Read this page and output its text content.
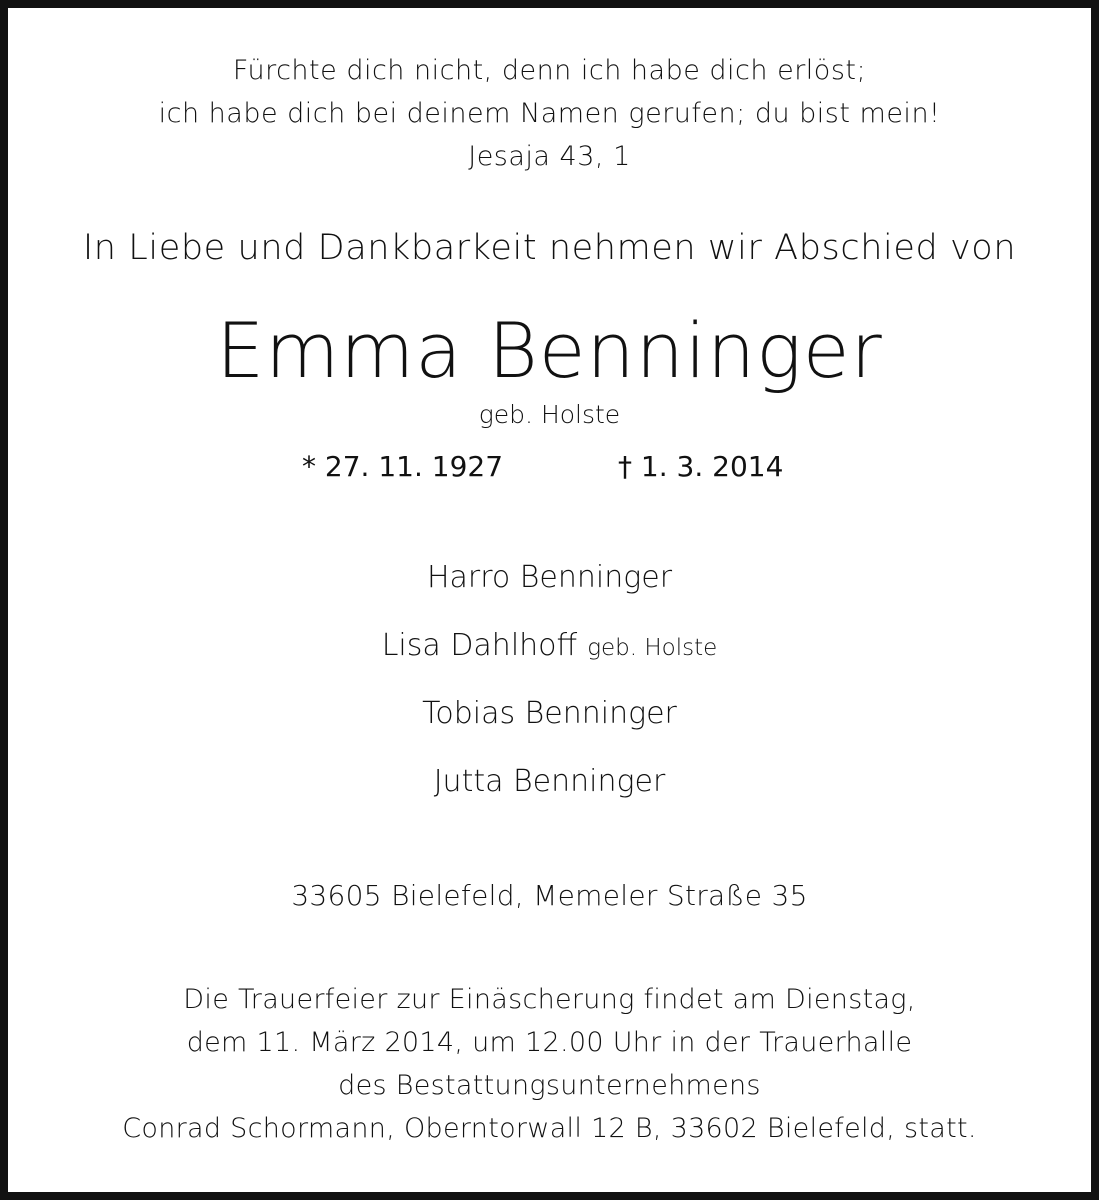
Fürchte dich nicht, denn ich habe dich erlöst;
ich habe dich bei deinem Namen gerufen; du bist mein!
Jesaja 43, 1
In Liebe und Dankbarkeit nehmen wir Abschied von
Emma Benninger
geb. Holste
* 27. 11. 1927	† 1. 3. 2014
Harro Benninger
Lisa Dahlhoff geb. Holste
Tobias Benninger
Jutta Benninger
33605 Bielefeld, Memeler Straße 35
Die Trauerfeier zur Einäscherung findet am Dienstag,
dem 11. März 2014, um 12.00 Uhr in der Trauerhalle
des Bestattungsunternehmens
Conrad Schormann, Oberntorwall 12 B, 33602 Bielefeld, statt.
